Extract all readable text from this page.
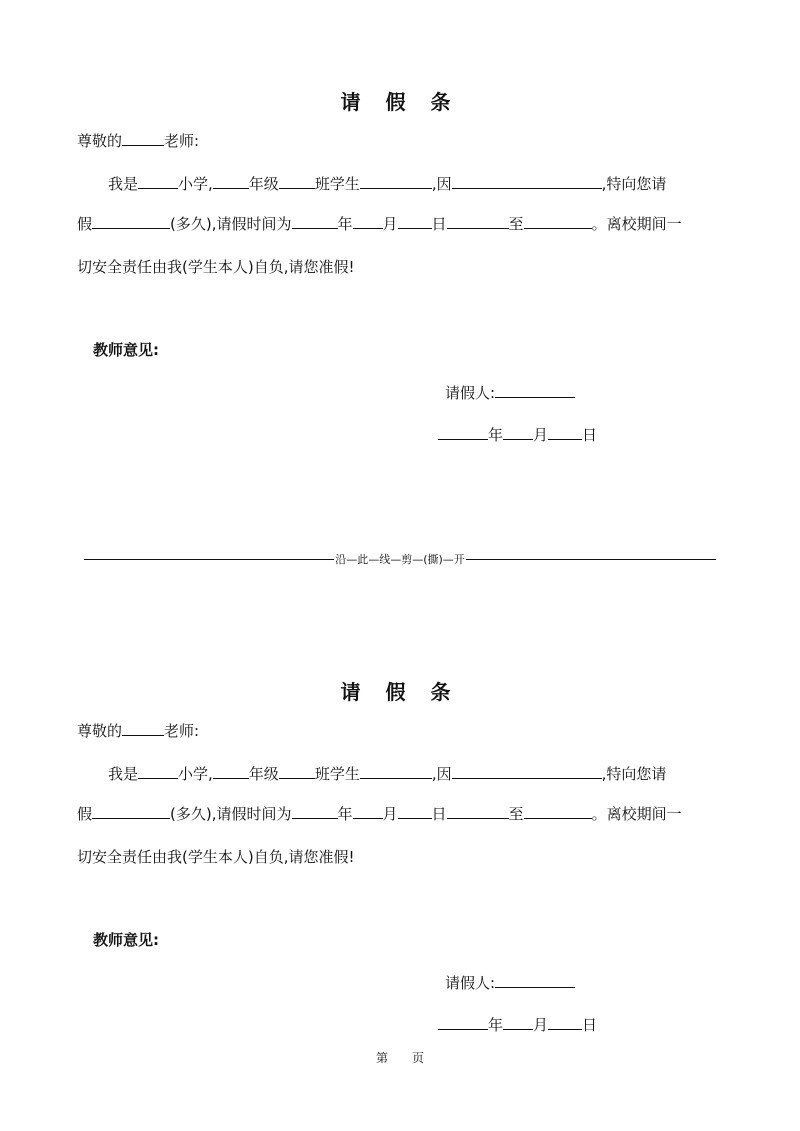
请 假 条
尊敬的	老师:
我是	小学, 年级 班学生	,因	,特向您请
假	(多久),请假时间为	年 月 日	至	。离校期间一
切安全责任由我(学生本人)自负,请您准假!
教师意见:
请假人:
年 月 日
沿—此—线—剪—(撕)—开
请 假 条
尊敬的	老师:
我是	小学, 年级 班学生	,因	,特向您请
假	(多久),请假时间为	年 月 日	至	。离校期间一
切安全责任由我(学生本人)自负,请您准假!
教师意见:
请假人:
年 月 日
第 页
